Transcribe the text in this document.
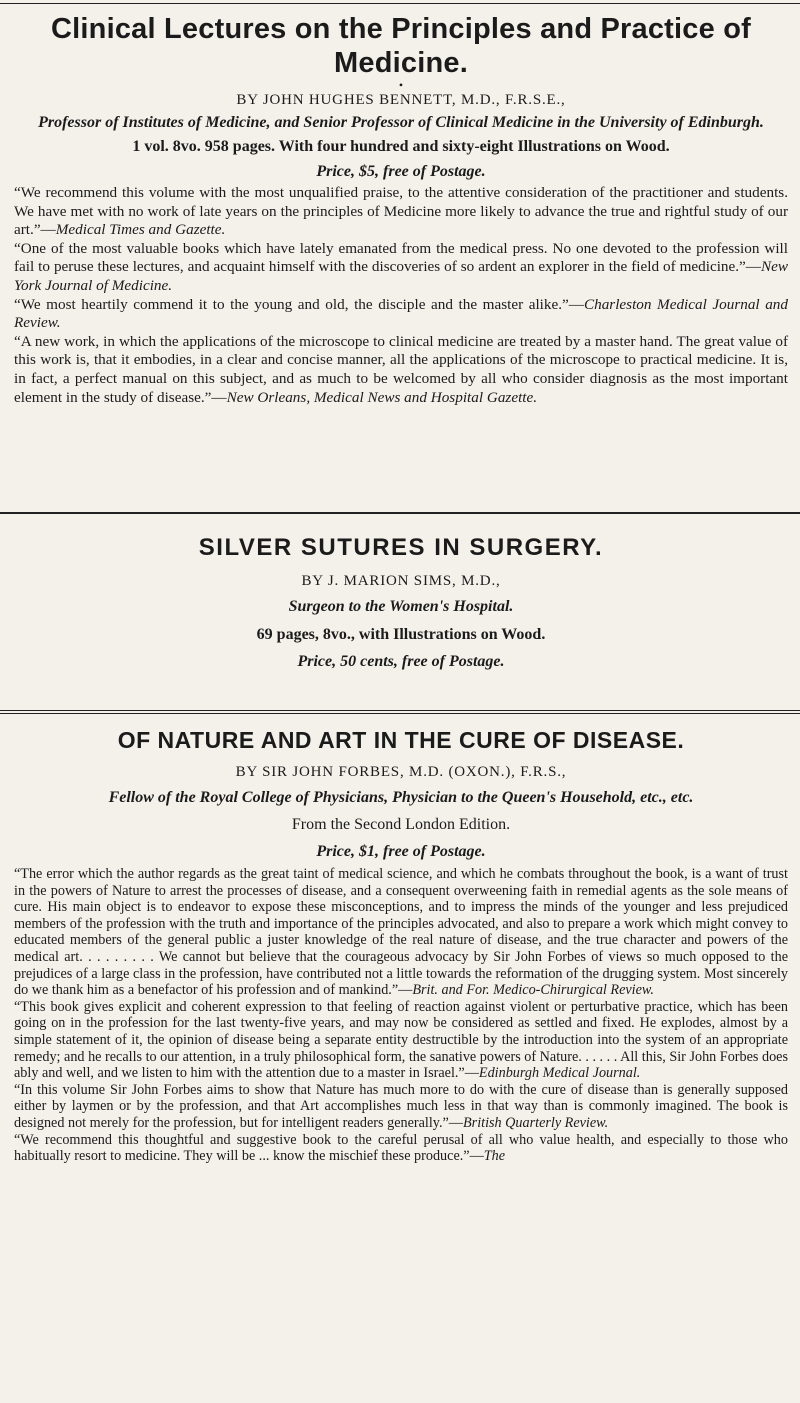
Clinical Lectures on the Principles and Practice of Medicine.
•
BY JOHN HUGHES BENNETT, M.D., F.R.S.E.,
Professor of Institutes of Medicine, and Senior Professor of Clinical Medicine in the University of Edinburgh.
1 vol. 8vo. 958 pages. With four hundred and sixty-eight Illustrations on Wood.
Price, $5, free of Postage.

“We recommend this volume with the most unqualified praise, to the attentive consideration of the practitioner and students. We have met with no work of late years on the principles of Medicine more likely to advance the true and rightful study of our art.”—Medical Times and Gazette.

“One of the most valuable books which have lately emanated from the medical press. No one devoted to the profession will fail to peruse these lectures, and acquaint himself with the discoveries of so ardent an explorer in the field of medicine.”—New York Journal of Medicine.

“We most heartily commend it to the young and old, the disciple and the master alike.”—Charleston Medical Journal and Review.

“A new work, in which the applications of the microscope to clinical medicine are treated by a master hand. The great value of this work is, that it embodies, in a clear and concise manner, all the applications of the microscope to practical medicine. It is, in fact, a perfect manual on this subject, and as much to be welcomed by all who consider diagnosis as the most important element in the study of disease.”—New Orleans, Medical News and Hospital Gazette.

SILVER SUTURES IN SURGERY.
BY J. MARION SIMS, M.D.,
Surgeon to the Women's Hospital.
69 pages, 8vo., with Illustrations on Wood.
Price, 50 cents, free of Postage.
OF NATURE AND ART IN THE CURE OF DISEASE.
BY SIR JOHN FORBES, M.D. (OXON.), F.R.S.,
Fellow of the Royal College of Physicians, Physician to the Queen's Household, etc., etc.
From the Second London Edition.
Price, $1, free of Postage.

“The error which the author regards as the great taint of medical science, and which he combats throughout the book, is a want of trust in the powers of Nature to arrest the processes of disease, and a consequent overweening faith in remedial agents as the sole means of cure. His main object is to endeavor to expose these misconceptions, and to impress the minds of the younger and less prejudiced members of the profession with the truth and importance of the principles advocated, and also to prepare a work which might convey to educated members of the general public a juster knowledge of the real nature of disease, and the true character and powers of the medical art. . . . . . . . . We cannot but believe that the courageous advocacy by Sir John Forbes of views so much opposed to the prejudices of a large class in the profession, have contributed not a little towards the reformation of the drugging system. Most sincerely do we thank him as a benefactor of his profession and of mankind.”—Brit. and For. Medico-Chirurgical Review.

“This book gives explicit and coherent expression to that feeling of reaction against violent or perturbative practice, which has been going on in the profession for the last twenty-five years, and may now be considered as settled and fixed. He explodes, almost by a simple statement of it, the opinion of disease being a separate entity destructible by the introduction into the system of an appropriate remedy; and he recalls to our attention, in a truly philosophical form, the sanative powers of Nature. . . . . . All this, Sir John Forbes does ably and well, and we listen to him with the attention due to a master in Israel.”—Edinburgh Medical Journal.

“In this volume Sir John Forbes aims to show that Nature has much more to do with the cure of disease than is generally supposed either by laymen or by the profession, and that Art accomplishes much less in that way than is commonly imagined. The book is designed not merely for the profession, but for intelligent readers generally.”—British Quarterly Review.

“We recommend this thoughtful and suggestive book to the careful perusal of all who value health, and especially to those who habitually resort to medicine. They will be ... know the mischief these produce.”—The
